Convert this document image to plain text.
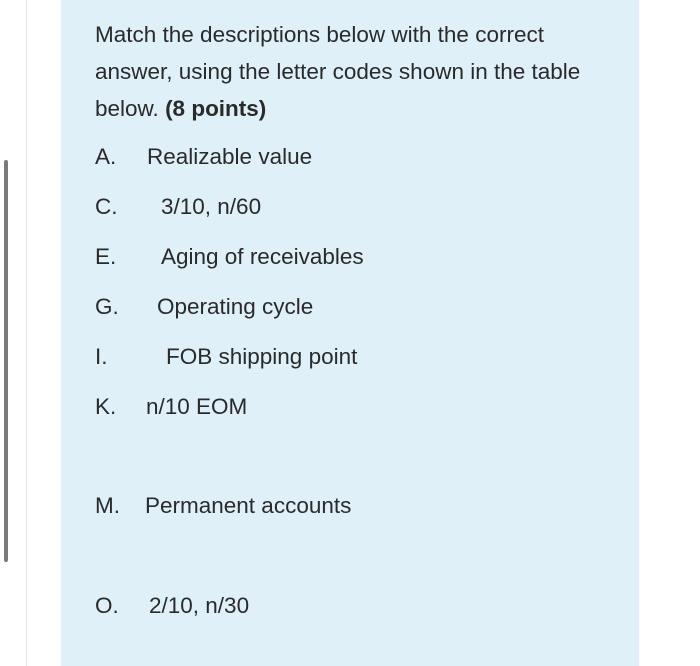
Match the descriptions below with the correct answer, using the letter codes shown in the table below. (8 points)

A. Realizable value
C. 3/10, n/60
E. Aging of receivables
G. Operating cycle
I.	FOB shipping point
K. n/10 EOM
M. Permanent accounts
O. 2/10, n/30
